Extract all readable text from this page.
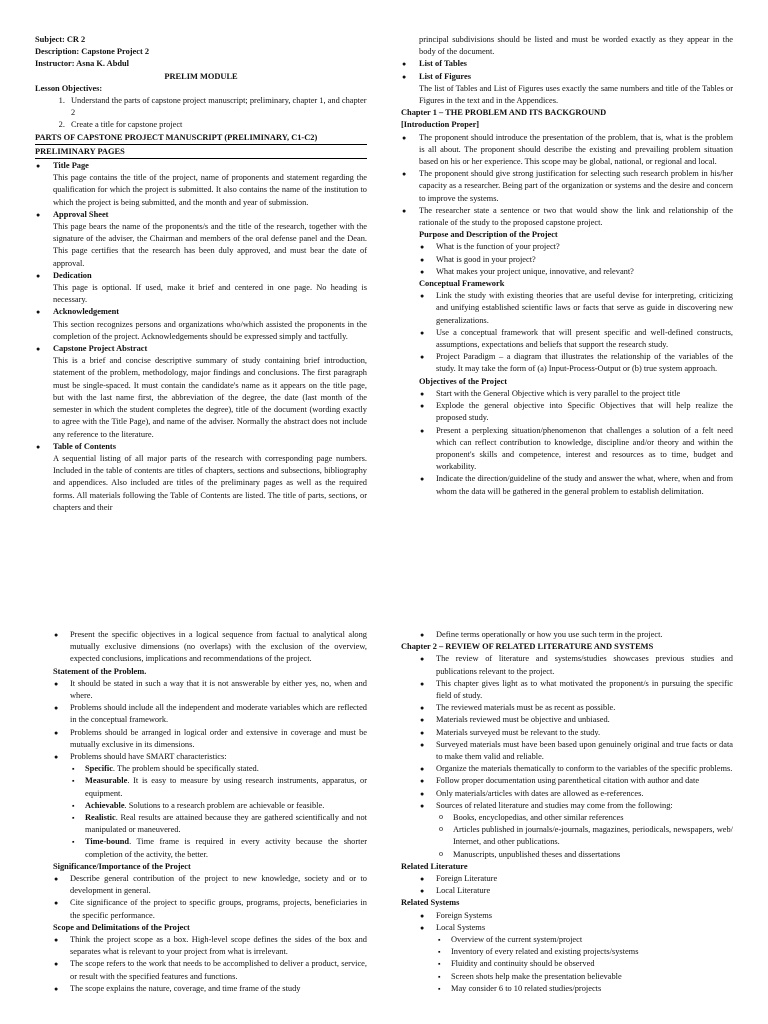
Subject: CR 2

Description: Capstone Project 2

Instructor: Asna K. Abdul

PRELIM MODULE

Lesson Objectives:

1. Understand the parts of capstone project manuscript; preliminary, chapter 1, and chapter 2
2. Create a title for capstone project

PARTS OF CAPSTONE PROJECT MANUSCRIPT (PRELIMINARY, C1-C2)

PRELIMINARY PAGES

● Title Page

This page contains the title of the project, name of proponents and statement regarding the qualification for which the project is submitted. It also contains the name of the institution to which the project is being submitted, and the month and year of submission.

● Approval Sheet

This page bears the name of the proponents/s and the title of the research, together with the signature of the adviser, the Chairman and members of the oral defense panel and the Dean. This page certifies that the research has been duly approved, and must bear the date of approval.

● Dedication

This page is optional. If used, make it brief and centered in one page. No heading is necessary.

● Acknowledgement

This section recognizes persons and organizations who/which assisted the proponents in the completion of the project. Acknowledgements should be expressed simply and tactfully.

● Capstone Project Abstract

This is a brief and concise descriptive summary of study containing brief introduction, statement of the problem, methodology, major findings and conclusions. The first paragraph must be single-spaced. It must contain the candidate's name as it appears on the title page, but with the last name first, the abbreviation of the degree, the date (last month of the semester in which the student completes the degree), title of the document (wording exactly to agree with the Title Page), and name of the adviser. Normally the abstract does not include any reference to the literature.

● Table of Contents

A sequential listing of all major parts of the research with corresponding page numbers. Included in the table of contents are titles of chapters, sections and subsections, bibliography and appendices. Also included are titles of the preliminary pages as well as the required forms. All materials following the Table of Contents are listed. The title of parts, sections, or chapters and their

principal subdivisions should be listed and must be worded exactly as they appear in the body of the document.

● List of Tables
● List of Figures

The list of Tables and List of Figures uses exactly the same numbers and title of the Tables or Figures in the text and in the Appendices.

Chapter 1 – THE PROBLEM AND ITS BACKGROUND

[Introduction Proper]

● The proponent should introduce the presentation of the problem, that is, what is the problem is all about. The proponent should describe the existing and prevailing problem situation based on his or her experience. This scope may be global, national, or regional and local.
● The proponent should give strong justification for selecting such research problem in his/her capacity as a researcher. Being part of the organization or systems and the desire and concern to improve the systems.
● The researcher state a sentence or two that would show the link and relationship of the rationale of the study to the proposed capstone project.

Purpose and Description of the Project

● What is the function of your project?
● What is good in your project?
● What makes your project unique, innovative, and relevant?

Conceptual Framework

● Link the study with existing theories that are useful devise for interpreting, criticizing and unifying established scientific laws or facts that serve as guide in discovering new generalizations.
● Use a conceptual framework that will present specific and well-defined constructs, assumptions, expectations and beliefs that support the research study.
● Project Paradigm – a diagram that illustrates the relationship of the variables of the study. It may take the form of (a) Input-Process-Output or (b) true system approach.

Objectives of the Project

● Start with the General Objective which is very parallel to the project title
● Explode the general objective into Specific Objectives that will help realize the proposed study.
● Present a perplexing situation/phenomenon that challenges a solution of a felt need which can reflect contribution to knowledge, discipline and/or theory and within the proponent's skills and competence, interest and resources as to time, budget and workability.
● Indicate the direction/guideline of the study and answer the what, where, when and from whom the data will be gathered in the general problem to establish delimitation.
● Present the specific objectives in a logical sequence from factual to analytical along mutually exclusive dimensions (no overlaps) with the exclusion of the overview, expected conclusions, implications and recommendations of the project.

Statement of the Problem.

● It should be stated in such a way that it is not answerable by either yes, no, when and where.
● Problems should include all the independent and moderate variables which are reflected in the conceptual framework.
● Problems should be arranged in logical order and extensive in coverage and must be mutually exclusive in its dimensions.
● Problems should have SMART characteristics:
▪ Specific. The problem should be specifically stated.
▪ Measurable. It is easy to measure by using research instruments, apparatus, or equipment.
▪ Achievable. Solutions to a research problem are achievable or feasible.
▪ Realistic. Real results are attained because they are gathered scientifically and not manipulated or maneuvered.
▪ Time-bound. Time frame is required in every activity because the shorter completion of the activity, the better.

Significance/Importance of the Project

● Describe general contribution of the project to new knowledge, society and or to development in general.
● Cite significance of the project to specific groups, programs, projects, beneficiaries in the specific performance.

Scope and Delimitations of the Project

● Think the project scope as a box. High-level scope defines the sides of the box and separates what is relevant to your project from what is irrelevant.
● The scope refers to the work that needs to be accomplished to deliver a product, service, or result with the specified features and functions.
● The scope explains the nature, coverage, and time frame of the study
● Define terms operationally or how you use such term in the project.

Chapter 2 – REVIEW OF RELATED LITERATURE AND SYSTEMS

● The review of literature and systems/studies showcases previous studies and publications relevant to the project.
● This chapter gives light as to what motivated the proponent/s in pursuing the specific field of study.
● The reviewed materials must be as recent as possible.
● Materials reviewed must be objective and unbiased.
● Materials surveyed must be relevant to the study.
● Surveyed materials must have been based upon genuinely original and true facts or data to make them valid and reliable.
● Organize the materials thematically to conform to the variables of the specific problems.
● Follow proper documentation using parenthetical citation with author and date
● Only materials/articles with dates are allowed as e-references.
● Sources of related literature and studies may come from the following:
o Books, encyclopedias, and other similar references
o Articles published in journals/e-journals, magazines, periodicals, newspapers, web/ Internet, and other publications.
o Manuscripts, unpublished theses and dissertations

Related Literature

● Foreign Literature
● Local Literature

Related Systems

● Foreign Systems
● Local Systems
▪ Overview of the current system/project
▪ Inventory of every related and existing projects/systems
▪ Fluidity and continuity should be observed
▪ Screen shots help make the presentation believable
▪ May consider 6 to 10 related studies/projects
